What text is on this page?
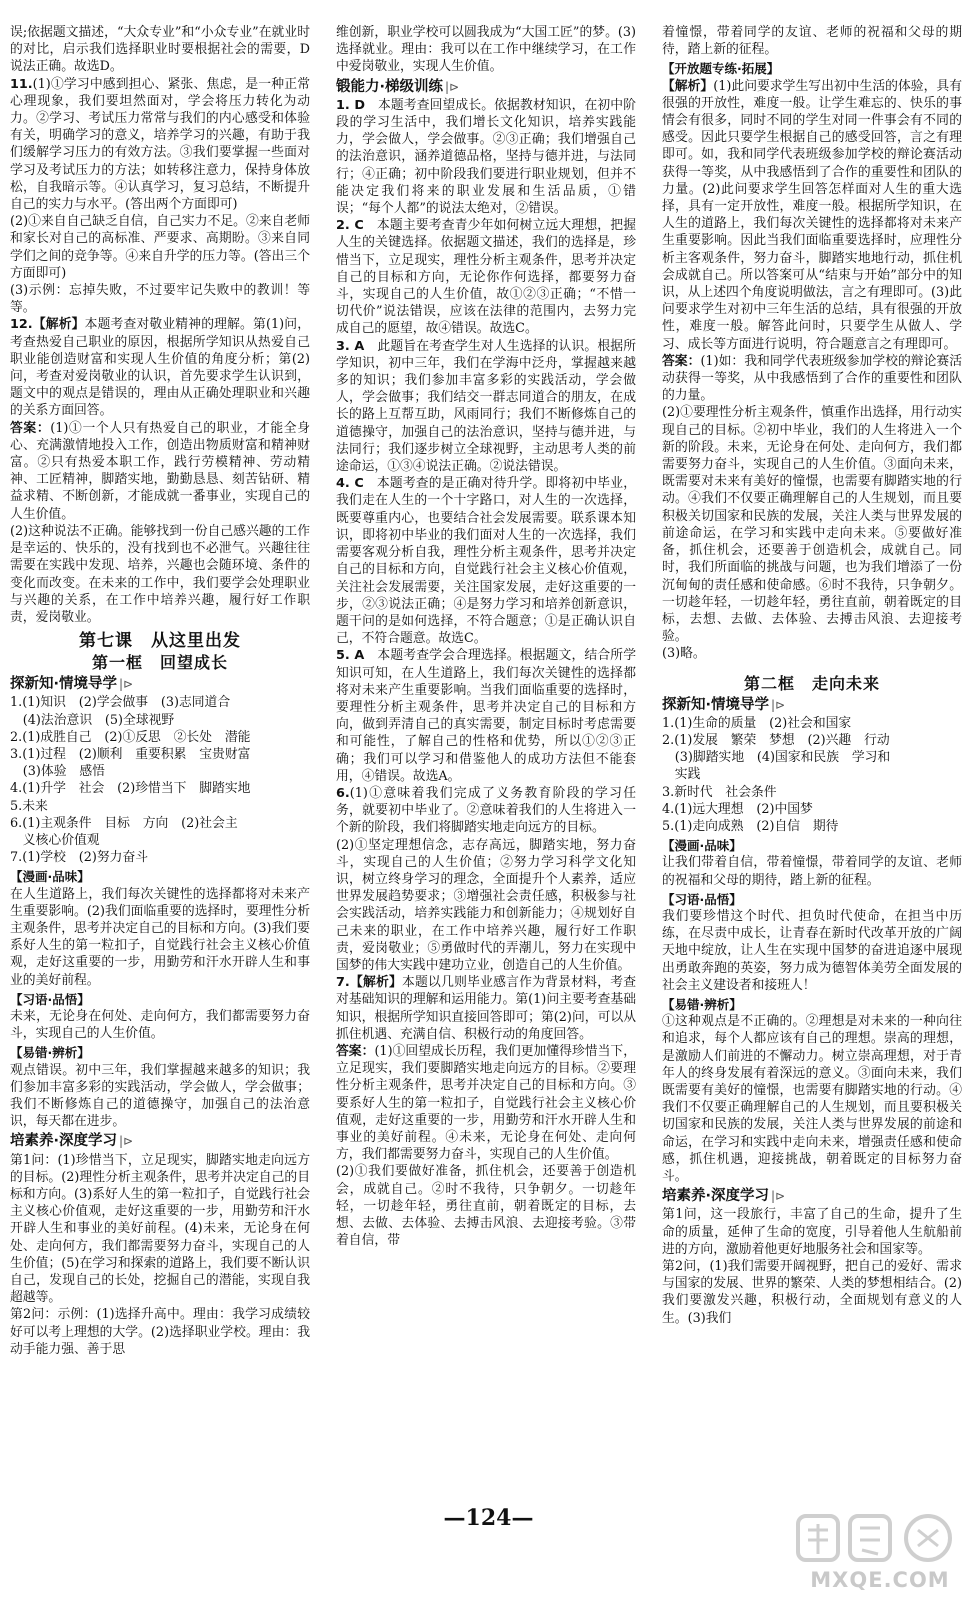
误;依据题文描述，“大众专业”和“小众专业”在就业时的对比，启示我们选择职业时要根据社会的需要，D说法正确。故选D。

11.(1)①学习中感到担心、紧张、焦虑，是一种正常心理现象，我们要坦然面对，学会将压力转化为动力。②学习、考试压力常常与我们的内心感受和体验有关，明确学习的意义，培养学习的兴趣，有助于我们缓解学习压力的有效方法。③我们要掌握一些面对学习及考试压力的方法；如转移注意力，保持身体放松，自我暗示等。④认真学习，复习总结，不断提升自己的实力与水平。(答出两个方面即可)

(2)①来自自己缺乏自信，自己实力不足。②来自老师和家长对自己的高标准、严要求、高期盼。③来自同学们之间的竞争等。④来自升学的压力等。(答出三个方面即可)

(3)示例：忘掉失败，不过要牢记失败中的教训！等等。

12.【解析】本题考查对敬业精神的理解。第(1)问，考查热爱自己职业的原因，根据所学知识从热爱自己职业能创造财富和实现人生价值的角度分析；第(2)问，考查对爱岗敬业的认识，首先要求学生认识到，题文中的观点是错误的，理由从正确处理职业和兴趣的关系方面回答。

答案：(1)①一个人只有热爱自己的职业，才能全身心、充满激情地投入工作，创造出物质财富和精神财富。②只有热爱本职工作，践行劳模精神、劳动精神、工匠精神，脚踏实地，勤勤恳恳、刻苦钻研、精益求精、不断创新，才能成就一番事业，实现自己的人生价值。

(2)这种说法不正确。能够找到一份自己感兴趣的工作是幸运的、快乐的，没有找到也不必泄气。兴趣往往需要在实践中发现、培养，兴趣也会随环境、条件的变化而改变。在未来的工作中，我们要学会处理职业与兴趣的关系，在工作中培养兴趣，履行好工作职责，爱岗敬业。

第七课　从这里出发
第一框　回望成长
探新知·情境导学 |⊳

1.(1)知识　(2)学会做事　(3)志同道合

　(4)法治意识　(5)全球视野

2.(1)成胜自己　(2)①反思　②长处　潜能

3.(1)过程　(2)顺利　重要积累　宝贵财富

　(3)体验　感悟

4.(1)升学　社会　(2)珍惜当下　脚踏实地

5.未来

6.(1)主观条件　目标　方向　(2)社会主

　义核心价值观

7.(1)学校　(2)努力奋斗

【漫画·品味】

在人生道路上，我们每次关键性的选择都将对未来产生重要影响。(2)我们面临重要的选择时，要理性分析主观条件，思考并决定自己的目标和方向。(3)我们要系好人生的第一粒扣子，自觉践行社会主义核心价值观，走好这重要的一步，用勤劳和汗水开辟人生和事业的美好前程。

【习语·品悟】

未来，无论身在何处、走向何方，我们都需要努力奋斗，实现自己的人生价值。

【易错·辨析】

观点错误。初中三年，我们掌握越来越多的知识；我们参加丰富多彩的实践活动，学会做人，学会做事；我们不断修炼自己的道德操守，加强自己的法治意识，每天都在进步。

培素养·深度学习 |⊳

第1问：(1)珍惜当下，立足现实，脚踏实地走向远方的目标。(2)理性分析主观条件，思考并决定自己的目标和方向。(3)系好人生的第一粒扣子，自觉践行社会主义核心价值观，走好这重要的一步，用勤劳和汗水开辟人生和事业的美好前程。(4)未来，无论身在何处、走向何方，我们都需要努力奋斗，实现自己的人生价值；(5)在学习和探索的道路上，我们要不断认识自己，发现自己的长处，挖掘自己的潜能，实现自我超越等。

第2问：示例：(1)选择升高中。理由：我学习成绩较好可以考上理想的大学。(2)选择职业学校。理由：我动手能力强、善于思

维创新，职业学校可以圆我成为“大国工匠”的梦。(3)选择就业。理由：我可以在工作中继续学习，在工作中爱岗敬业，实现人生价值。

锻能力·梯级训练 |⊳

1. D　 本题考查回望成长。依据教材知识，在初中阶段的学习生活中，我们增长文化知识，培养实践能力，学会做人，学会做事。②③正确；我们增强自己的法治意识，涵养道德品格，坚持与德并进，与法同行；④正确；初中阶段我们要进行职业规划，但并不能决定我们将来的职业发展和生活品质，①错误；“每个人都”的说法太绝对，②错误。

2. C　 本题主要考查青少年如何树立远大理想，把握人生的关键选择。依据题文描述，我们的选择是，珍惜当下，立足现实，理性分析主观条件，思考并决定自己的目标和方向，无论你作何选择，都要努力奋斗，实现自己的人生价值，故①②③正确；“不惜一切代价”说法错误，应该在法律的范围内，去努力完成自己的愿望，故④错误。故选C。

3. A　 此题旨在考查学生对人生选择的认识。根据所学知识，初中三年，我们在学海中泛舟，掌握越来越多的知识；我们参加丰富多彩的实践活动，学会做人，学会做事；我们结交一群志同道合的朋友，在成长的路上互帮互助，风雨同行；我们不断修炼自己的道德操守，加强自己的法治意识，坚持与德并进，与法同行；我们逐步树立全球视野，主动思考人类的前途命运，①③④说法正确。②说法错误。

4. C　 本题考查的是正确对待升学。即将初中毕业，我们走在人生的一个十字路口，对人生的一次选择，既要尊重内心，也要结合社会发展需要。联系课本知识，即将初中毕业的我们面对人生的一次选择，我们需要客观分析自我，理性分析主观条件，思考并决定自己的目标和方向，自觉践行社会主义核心价值观，关注社会发展需要，关注国家发展，走好这重要的一步，②③说法正确；④是努力学习和培养创新意识，题干问的是如何选择，不符合题意；①是正确认识自己，不符合题意。故选C。

5. A　 本题考查学会合理选择。根据题文，结合所学知识可知，在人生道路上，我们每次关键性的选择都将对未来产生重要影响。当我们面临重要的选择时，要理性分析主观条件，思考并决定自己的目标和方向，做到弄清自己的真实需要，制定目标时考虑需要和可能性，了解自己的性格和优势，所以①②③正确；我们可以学习和借鉴他人的成功方法但不能套用，④错误。故选A。

6.(1)①意味着我们完成了义务教育阶段的学习任务，就要初中毕业了。②意味着我们的人生将进入一个新的阶段，我们将脚踏实地走向远方的目标。

(2)①坚定理想信念，志存高远，脚踏实地，努力奋斗，实现自己的人生价值；②努力学习科学文化知识，树立终身学习的理念，全面提升个人素养，适应世界发展趋势要求；③增强社会责任感，积极参与社会实践活动，培养实践能力和创新能力；④规划好自己未来的职业，在工作中培养兴趣，履行好工作职责，爱岗敬业；⑤勇做时代的弄潮儿，努力在实现中国梦的伟大实践中建功立业，创造自己的人生价值。

7.【解析】本题以几则毕业感言作为背景材料，考查对基础知识的理解和运用能力。第(1)问主要考查基础知识，根据所学知识直接回答即可；第(2)问，可以从抓住机遇、充满自信、积极行动的角度回答。

答案：(1)①回望成长历程，我们更加懂得珍惜当下，立足现实，我们要脚踏实地走向远方的目标。②要理性分析主观条件，思考并决定自己的目标和方向。③要系好人生的第一粒扣子，自觉践行社会主义核心价值观，走好这重要的一步，用勤劳和汗水开辟人生和事业的美好前程。④未来，无论身在何处、走向何方，我们都需要努力奋斗，实现自己的人生价值。

(2)①我们要做好准备，抓住机会，还要善于创造机会，成就自己。②时不我待，只争朝夕。一切趁年轻，一切趁年轻，勇往直前，朝着既定的目标，去想、去做、去体验、去搏击风浪、去迎接考验。③带着自信，带

着憧憬，带着同学的友谊、老师的祝福和父母的期待，踏上新的征程。

【开放题专练·拓展】

【解析】(1)此问要求学生写出初中生活的体验，具有很强的开放性，难度一般。让学生难忘的、快乐的事情会有很多，同时不同的学生对同一件事会有不同的感受。因此只要学生根据自己的感受回答，言之有理即可。如，我和同学代表班级参加学校的辩论赛活动获得一等奖，从中我感悟到了合作的重要性和团队的力量。(2)此问要求学生回答怎样面对人生的重大选择，具有一定开放性，难度一般。根据所学知识，在人生的道路上，我们每次关键性的选择都将对未来产生重要影响。因此当我们面临重要选择时，应理性分析主客观条件，努力奋斗，脚踏实地地行动，抓住机会成就自己。所以答案可从“结束与开始”部分中的知识，从上述四个角度说明做法，言之有理即可。(3)此问要求学生对初中三年生活的总结，具有很强的开放性，难度一般。解答此问时，只要学生从做人、学习、成长等方面进行说明，符合题意言之有理即可。

答案：(1)如：我和同学代表班级参加学校的辩论赛活动获得一等奖，从中我感悟到了合作的重要性和团队的力量。

(2)①要理性分析主观条件，慎重作出选择，用行动实现自己的目标。②初中毕业，我们的人生将进入一个新的阶段。未来，无论身在何处、走向何方，我们都需要努力奋斗，实现自己的人生价值。③面向未来，既需要对未来有美好的憧憬，也需要有脚踏实地的行动。④我们不仅要正确理解自己的人生规划，而且要积极关切国家和民族的发展，关注人类与世界发展的前途命运，在学习和实践中走向未来。⑤要做好准备，抓住机会，还要善于创造机会，成就自己。同时，我们所面临的挑战与问题，也为我们增添了一份沉甸甸的责任感和使命感。⑥时不我待，只争朝夕。一切趁年轻，一切趁年轻，勇往直前，朝着既定的目标，去想、去做、去体验、去搏击风浪、去迎接考验。

(3)略。

第二框　走向未来
探新知·情境导学 |⊳

1.(1)生命的质量　(2)社会和国家

2.(1)发展　繁荣　梦想　(2)兴趣　行动

　(3)脚踏实地　(4)国家和民族　学习和

　实践

3.新时代　社会条件

4.(1)远大理想　(2)中国梦

5.(1)走向成熟　(2)自信　期待

【漫画·品味】

让我们带着自信，带着憧憬，带着同学的友谊、老师的祝福和父母的期待，踏上新的征程。

【习语·品悟】

我们要珍惜这个时代、担负时代使命，在担当中历练，在尽责中成长，让青春在新时代改革开放的广阔天地中绽放，让人生在实现中国梦的奋进追逐中展现出勇敢奔跑的英姿，努力成为德智体美劳全面发展的社会主义建设者和接班人！

【易错·辨析】

①这种观点是不正确的。②理想是对未来的一种向往和追求，每个人都应该有自己的理想。崇高的理想，是激励人们前进的不懈动力。树立崇高理想，对于青年人的终身发展有着深远的意义。③面向未来，我们既需要有美好的憧憬，也需要有脚踏实地的行动。④我们不仅要正确理解自己的人生规划，而且要积极关切国家和民族的发展，关注人类与世界发展的前途和命运，在学习和实践中走向未来，增强责任感和使命感，抓住机遇，迎接挑战，朝着既定的目标努力奋斗。

培素养·深度学习 |⊳

第1问，这一段旅行，丰富了自己的生命，提升了生命的质量，延伸了生命的宽度，引导着他人生航船前进的方向，激励着他更好地服务社会和国家等。

第2问，(1)我们需要开阔视野，把自己的爱好、需求与国家的发展、世界的繁荣、人类的梦想相结合。(2)我们要激发兴趣，积极行动，全面规划有意义的人生。(3)我们

—124—
MXQE.COM
